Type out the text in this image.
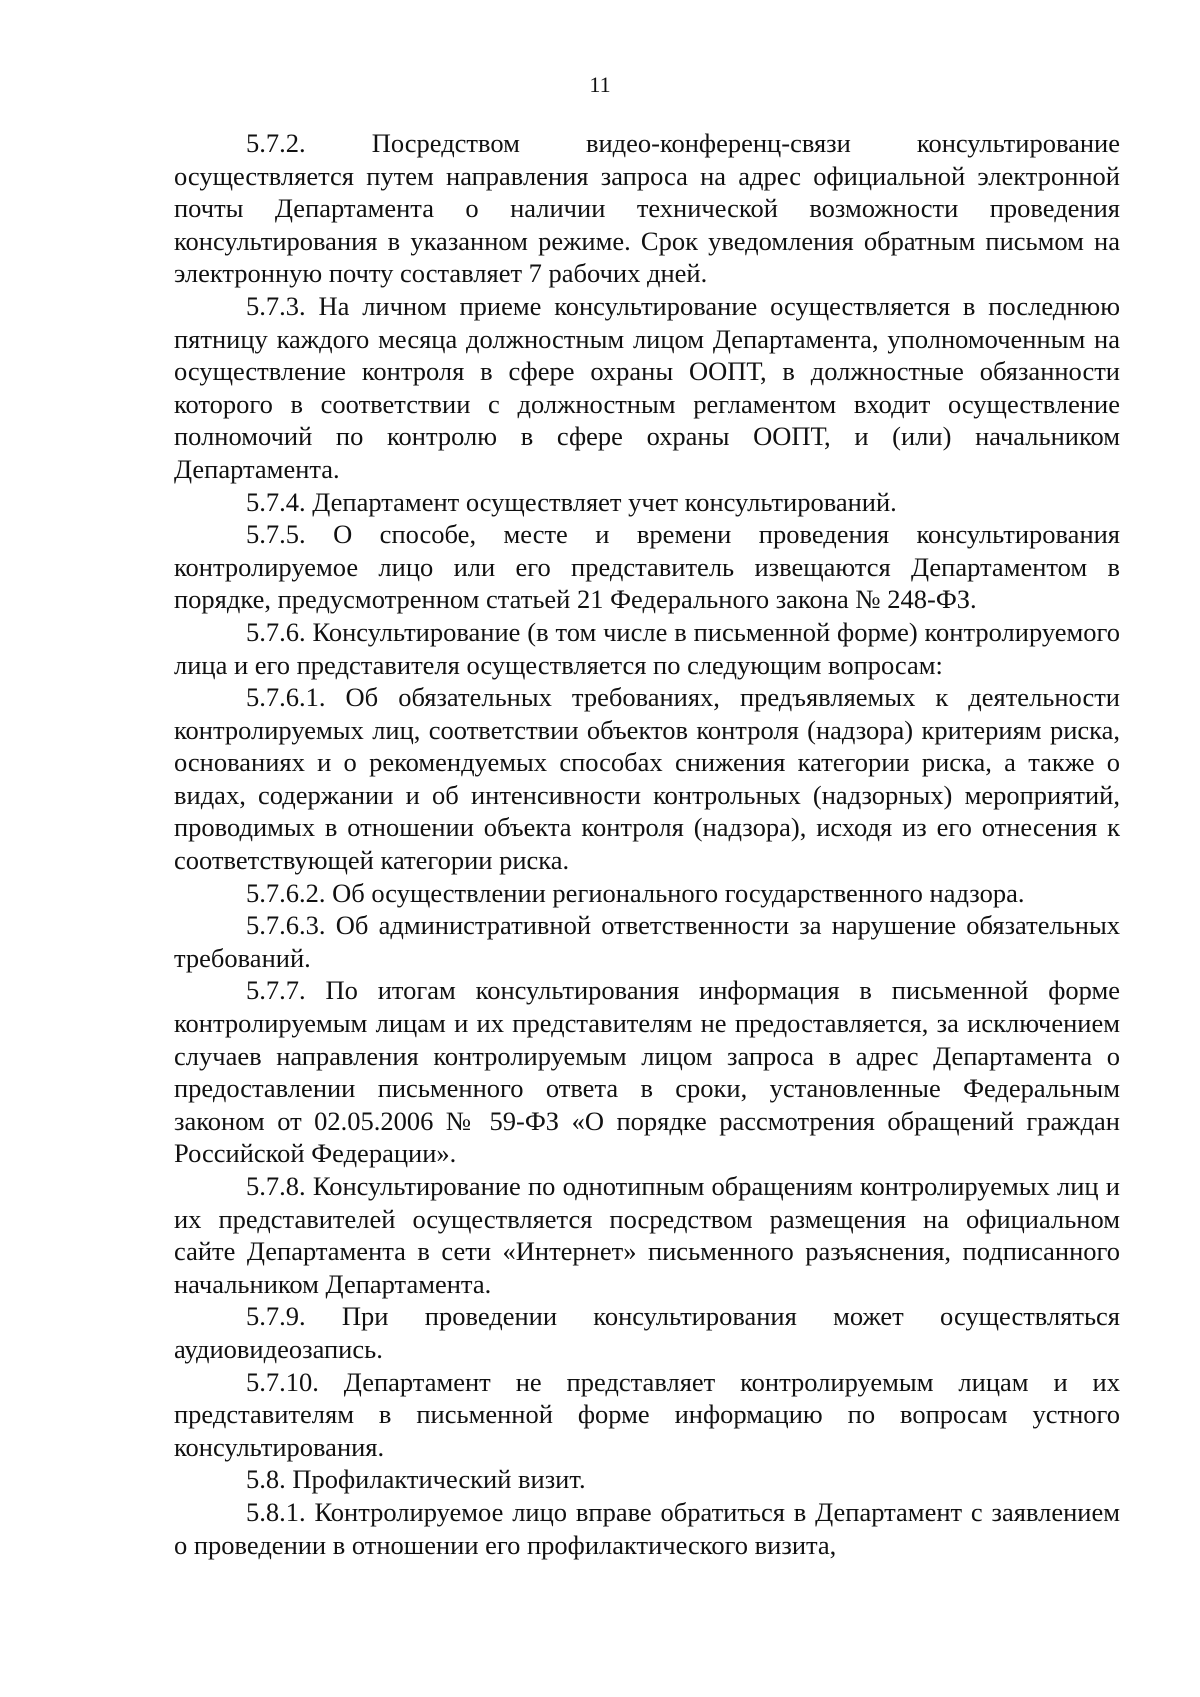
11

5.7.2. Посредством видео-конференц-связи консультирование осуществляется путем направления запроса на адрес официальной электронной почты Департамента о наличии технической возможности проведения консультирования в указанном режиме. Срок уведомления обратным письмом на электронную почту составляет 7 рабочих дней.

5.7.3. На личном приеме консультирование осуществляется в последнюю пятницу каждого месяца должностным лицом Департамента, уполномоченным на осуществление контроля в сфере охраны ООПТ, в должностные обязанности которого в соответствии с должностным регламентом входит осуществление полномочий по контролю в сфере охраны ООПТ, и (или) начальником Департамента.

5.7.4. Департамент осуществляет учет консультирований.

5.7.5. О способе, месте и времени проведения консультирования контролируемое лицо или его представитель извещаются Департаментом в порядке, предусмотренном статьей 21 Федерального закона № 248-ФЗ.

5.7.6. Консультирование (в том числе в письменной форме) контролируемого лица и его представителя осуществляется по следующим вопросам:

5.7.6.1. Об обязательных требованиях, предъявляемых к деятельности контролируемых лиц, соответствии объектов контроля (надзора) критериям риска, основаниях и о рекомендуемых способах снижения категории риска, а также о видах, содержании и об интенсивности контрольных (надзорных) мероприятий, проводимых в отношении объекта контроля (надзора), исходя из его отнесения к соответствующей категории риска.

5.7.6.2. Об осуществлении регионального государственного надзора.

5.7.6.3. Об административной ответственности за нарушение обязательных требований.

5.7.7. По итогам консультирования информация в письменной форме контролируемым лицам и их представителям не предоставляется, за исключением случаев направления контролируемым лицом запроса в адрес Департамента о предоставлении письменного ответа в сроки, установленные Федеральным законом от 02.05.2006 № 59-ФЗ «О порядке рассмотрения обращений граждан Российской Федерации».

5.7.8. Консультирование по однотипным обращениям контролируемых лиц и их представителей осуществляется посредством размещения на официальном сайте Департамента в сети «Интернет» письменного разъяснения, подписанного начальником Департамента.

5.7.9. При проведении консультирования может осуществляться аудиовидеозапись.

5.7.10. Департамент не представляет контролируемым лицам и их представителям в письменной форме информацию по вопросам устного консультирования.

5.8. Профилактический визит.

5.8.1. Контролируемое лицо вправе обратиться в Департамент с заявлением о проведении в отношении его профилактического визита,
